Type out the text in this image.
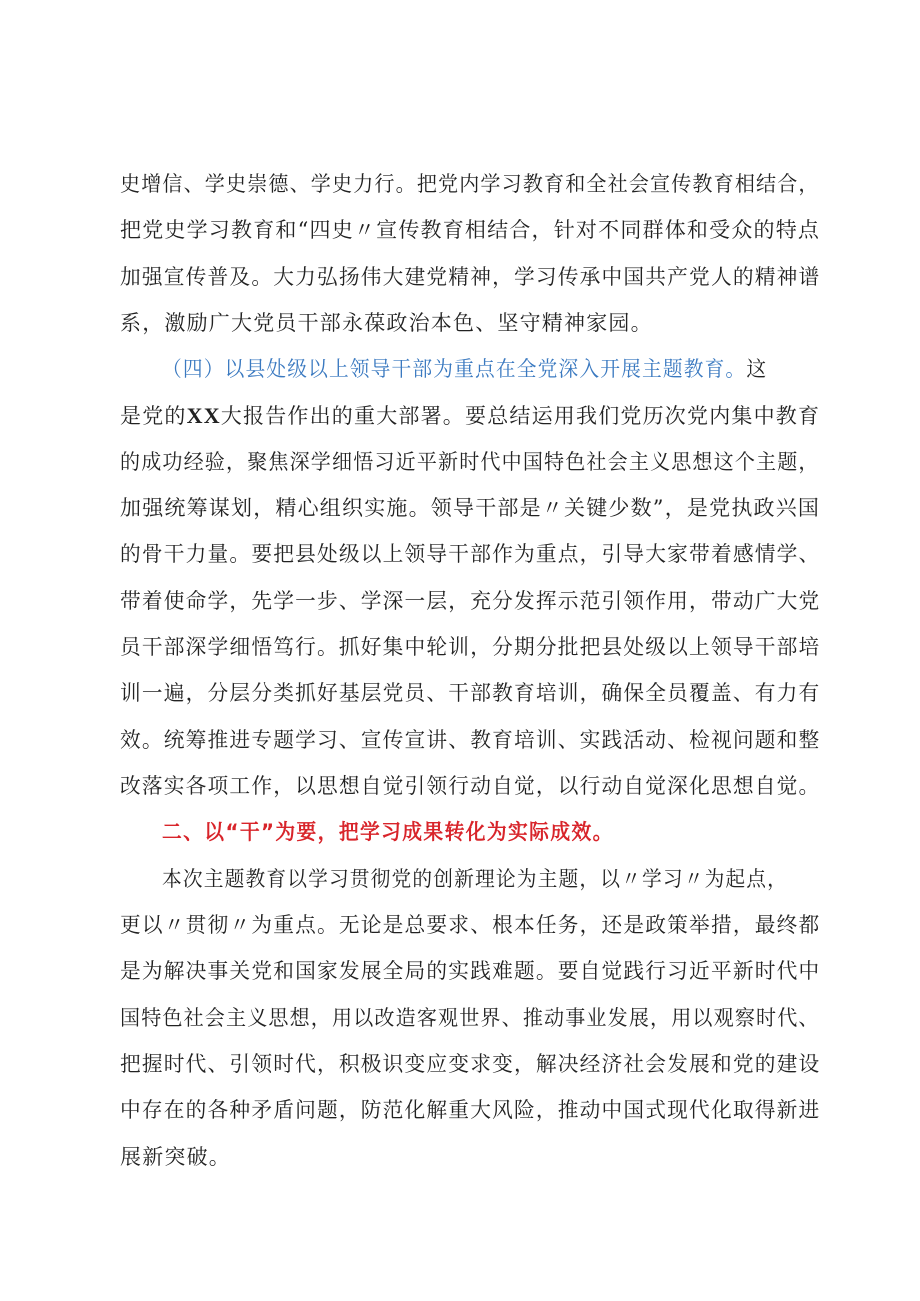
史增信、学史崇德、学史力行。把党内学习教育和全社会宣传教育相结合，
把党史学习教育和“四史〃宣传教育相结合，针对不同群体和受众的特点
加强宣传普及。大力弘扬伟大建党精神，学习传承中国共产党人的精神谱
系，激励广大党员干部永葆政治本色、坚守精神家园。
（四）以县处级以上领导干部为重点在全党深入开展主题教育。这
是党的XX大报告作出的重大部署。要总结运用我们党历次党内集中教育
的成功经验，聚焦深学细悟习近平新时代中国特色社会主义思想这个主题，
加强统筹谋划，精心组织实施。领导干部是〃关键少数”，是党执政兴国
的骨干力量。要把县处级以上领导干部作为重点，引导大家带着感情学、
带着使命学，先学一步、学深一层，充分发挥示范引领作用，带动广大党
员干部深学细悟笃行。抓好集中轮训，分期分批把县处级以上领导干部培
训一遍，分层分类抓好基层党员、干部教育培训，确保全员覆盖、有力有
效。统筹推进专题学习、宣传宣讲、教育培训、实践活动、检视问题和整
改落实各项工作，以思想自觉引领行动自觉，以行动自觉深化思想自觉。
二、以“干”为要，把学习成果转化为实际成效。
本次主题教育以学习贯彻党的创新理论为主题，以〃学习〃为起点，
更以〃贯彻〃为重点。无论是总要求、根本任务，还是政策举措，最终都
是为解决事关党和国家发展全局的实践难题。要自觉践行习近平新时代中
国特色社会主义思想，用以改造客观世界、推动事业发展，用以观察时代、
把握时代、引领时代，积极识变应变求变，解决经济社会发展和党的建设
中存在的各种矛盾问题，防范化解重大风险，推动中国式现代化取得新进
展新突破。
